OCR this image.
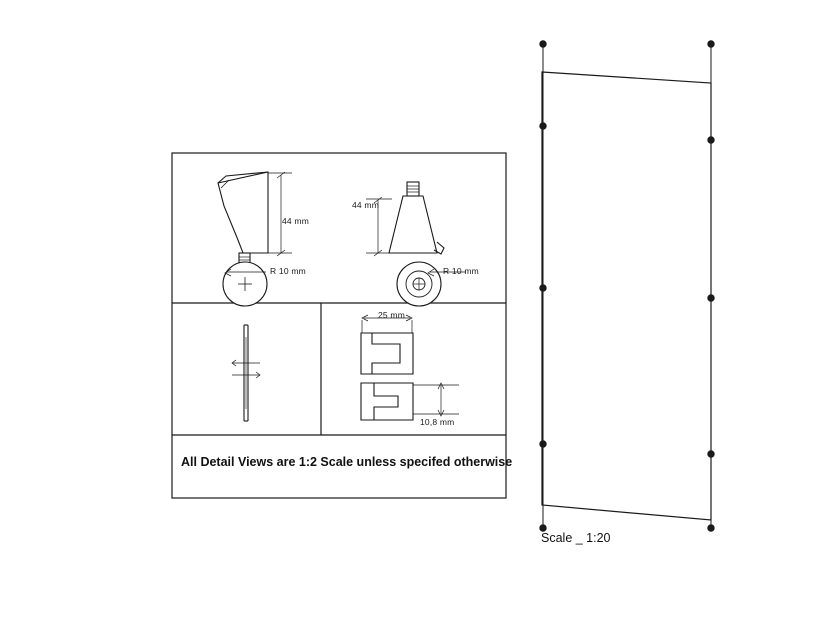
44 mm
R 10 mm
44 mm
R 10 mm
25 mm
10,8 mm
All Detail Views are 1:2 Scale unless specifed otherwise
Scale _ 1:20
